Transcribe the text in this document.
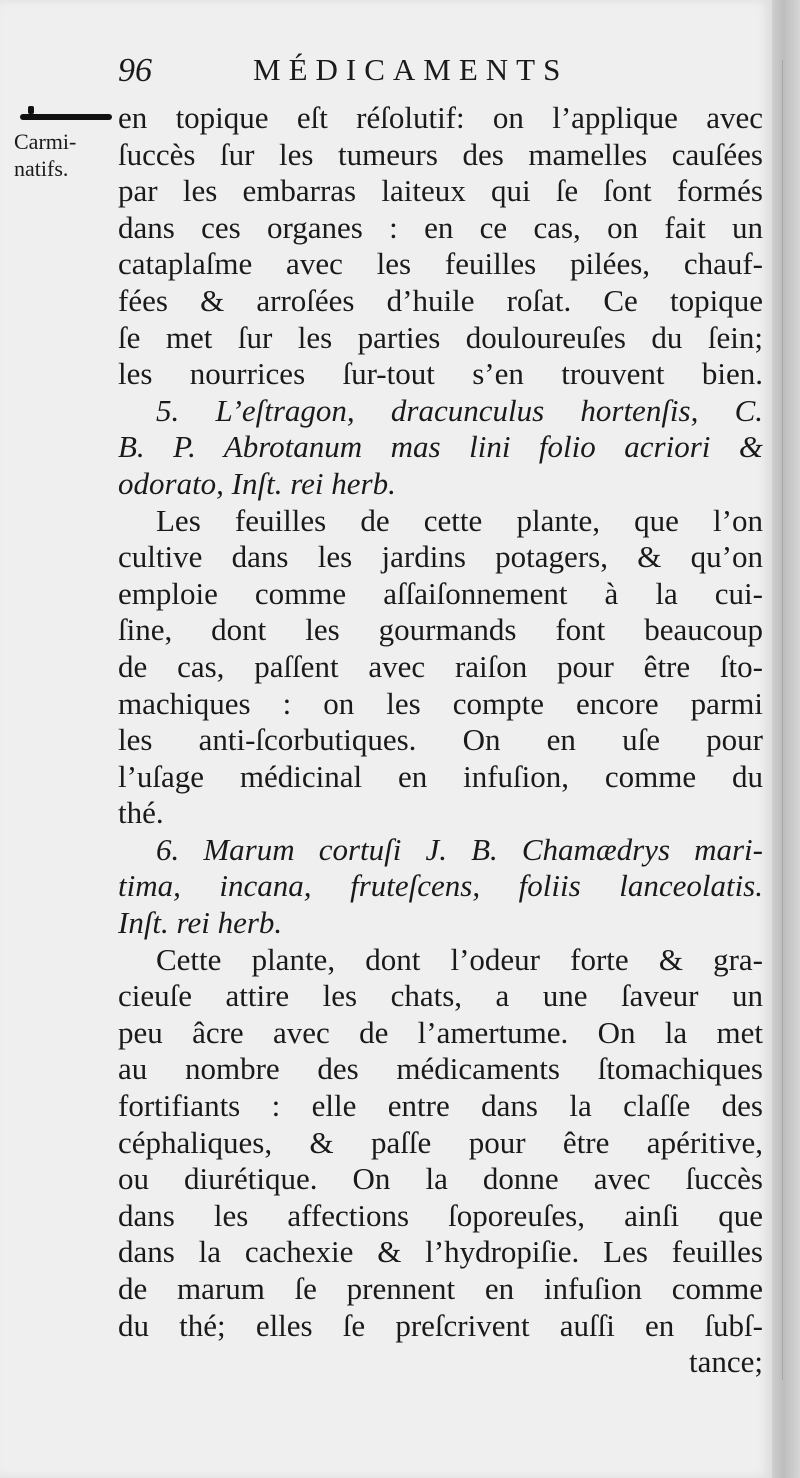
96	MÉDICAMENTS
Carmi-
natifs.
en topique eſt réſolutif: on l’applique avec
ſuccès ſur les tumeurs des mamelles cauſées
par les embarras laiteux qui ſe ſont formés
dans ces organes : en ce cas, on fait un
cataplaſme avec les feuilles pilées, chauf-
fées & arroſées d’huile roſat. Ce topique
ſe met ſur les parties douloureuſes du ſein;
les nourrices ſur-tout s’en trouvent bien.
5. L’eſtragon, dracunculus hortenſis, C.
B. P. Abrotanum mas lini folio acriori &
odorato, Inſt. rei herb.
Les feuilles de cette plante, que l’on
cultive dans les jardins potagers, & qu’on
emploie comme aſſaiſonnement à la cui-
ſine, dont les gourmands font beaucoup
de cas, paſſent avec raiſon pour être ſto-
machiques : on les compte encore parmi
les anti-ſcorbutiques. On en uſe pour
l’uſage médicinal en infuſion, comme du
thé.
6. Marum cortuſi J. B. Chamædrys mari-
tima, incana, fruteſcens, foliis lanceolatis.
Inſt. rei herb.
Cette plante, dont l’odeur forte & gra-
cieuſe attire les chats, a une ſaveur un
peu âcre avec de l’amertume. On la met
au nombre des médicaments ſtomachiques
fortifiants : elle entre dans la claſſe des
céphaliques, & paſſe pour être apéritive,
ou diurétique. On la donne avec ſuccès
dans les affections ſoporeuſes, ainſi que
dans la cachexie & l’hydropiſie. Les feuilles
de marum ſe prennent en infuſion comme
du thé; elles ſe preſcrivent auſſi en ſubſ-
tance;
